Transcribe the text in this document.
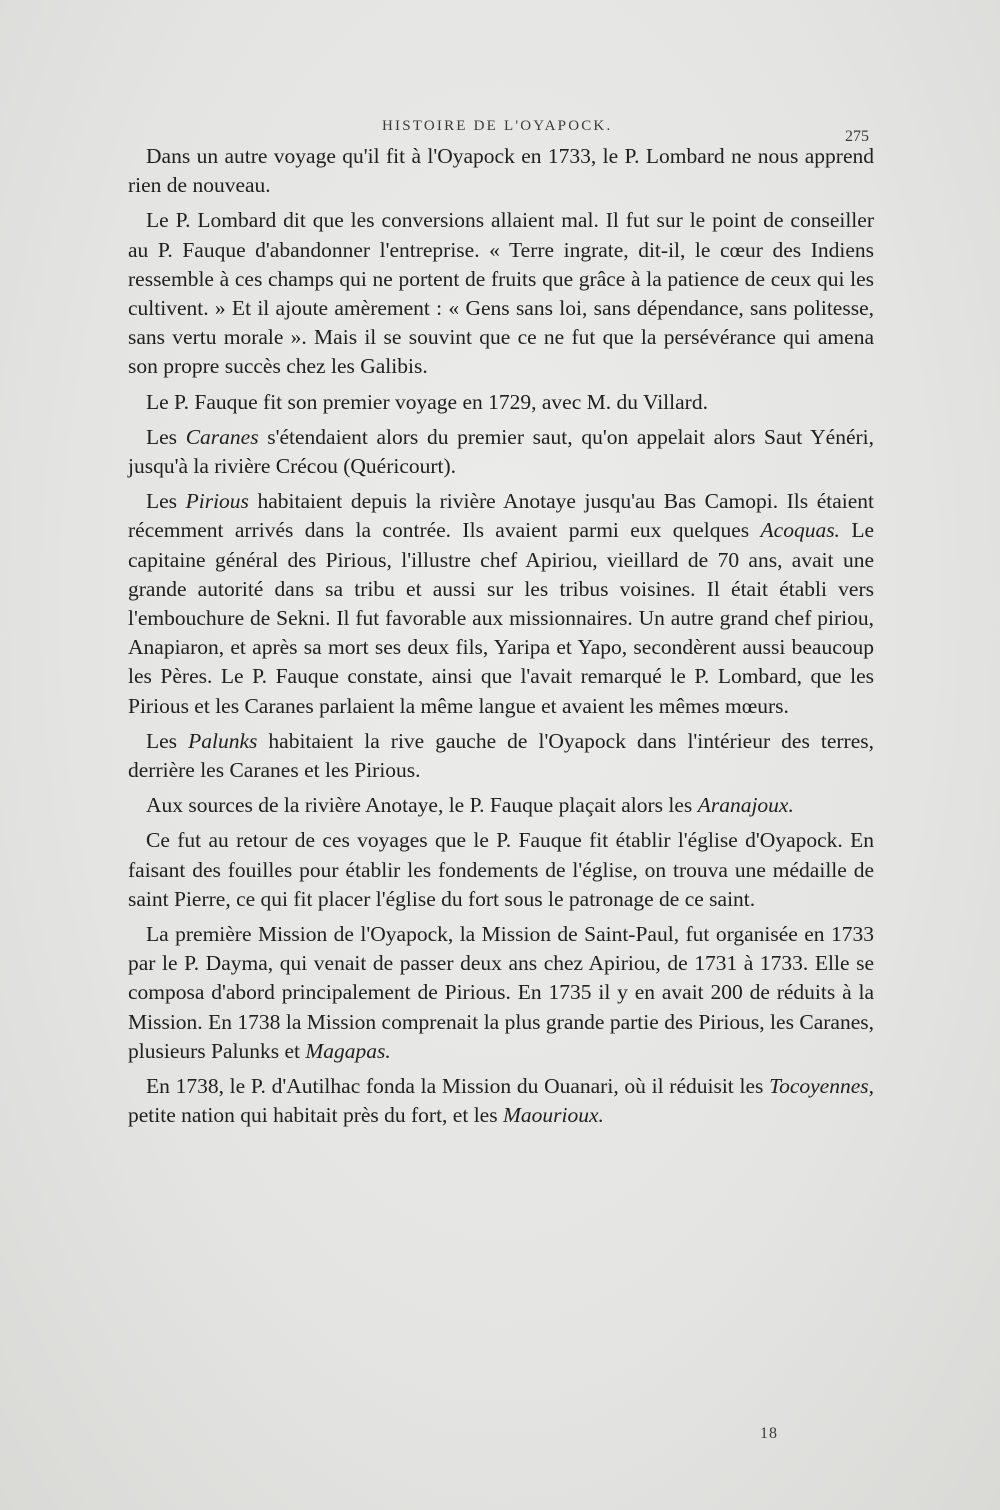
HISTOIRE DE L'OYAPOCK.
275

Dans un autre voyage qu'il fit à l'Oyapock en 1733, le P. Lombard ne nous apprend rien de nouveau.

Le P. Lombard dit que les conversions allaient mal. Il fut sur le point de conseiller au P. Fauque d'abandonner l'entreprise. « Terre ingrate, dit-il, le cœur des Indiens ressemble à ces champs qui ne portent de fruits que grâce à la patience de ceux qui les cultivent. » Et il ajoute amèrement : « Gens sans loi, sans dépendance, sans politesse, sans vertu morale ». Mais il se souvint que ce ne fut que la persévérance qui amena son propre succès chez les Galibis.

Le P. Fauque fit son premier voyage en 1729, avec M. du Villard.

Les Caranes s'étendaient alors du premier saut, qu'on appelait alors Saut Yénéri, jusqu'à la rivière Crécou (Quéricourt).

Les Pirious habitaient depuis la rivière Anotaye jusqu'au Bas Camopi. Ils étaient récemment arrivés dans la contrée. Ils avaient parmi eux quelques Acoquas. Le capitaine général des Pirious, l'illustre chef Apiriou, vieillard de 70 ans, avait une grande autorité dans sa tribu et aussi sur les tribus voisines. Il était établi vers l'embouchure de Sekni. Il fut favorable aux missionnaires. Un autre grand chef piriou, Anapiaron, et après sa mort ses deux fils, Yaripa et Yapo, secondèrent aussi beaucoup les Pères. Le P. Fauque constate, ainsi que l'avait remarqué le P. Lombard, que les Pirious et les Caranes parlaient la même langue et avaient les mêmes mœurs.

Les Palunks habitaient la rive gauche de l'Oyapock dans l'intérieur des terres, derrière les Caranes et les Pirious.

Aux sources de la rivière Anotaye, le P. Fauque plaçait alors les Aranajoux.

Ce fut au retour de ces voyages que le P. Fauque fit établir l'église d'Oyapock. En faisant des fouilles pour établir les fondements de l'église, on trouva une médaille de saint Pierre, ce qui fit placer l'église du fort sous le patronage de ce saint.

La première Mission de l'Oyapock, la Mission de Saint-Paul, fut organisée en 1733 par le P. Dayma, qui venait de passer deux ans chez Apiriou, de 1731 à 1733. Elle se composa d'abord principalement de Pirious. En 1735 il y en avait 200 de réduits à la Mission. En 1738 la Mission comprenait la plus grande partie des Pirious, les Caranes, plusieurs Palunks et Magapas.

En 1738, le P. d'Autilhac fonda la Mission du Ouanari, où il réduisit les Tocoyennes, petite nation qui habitait près du fort, et les Maourioux.

18
